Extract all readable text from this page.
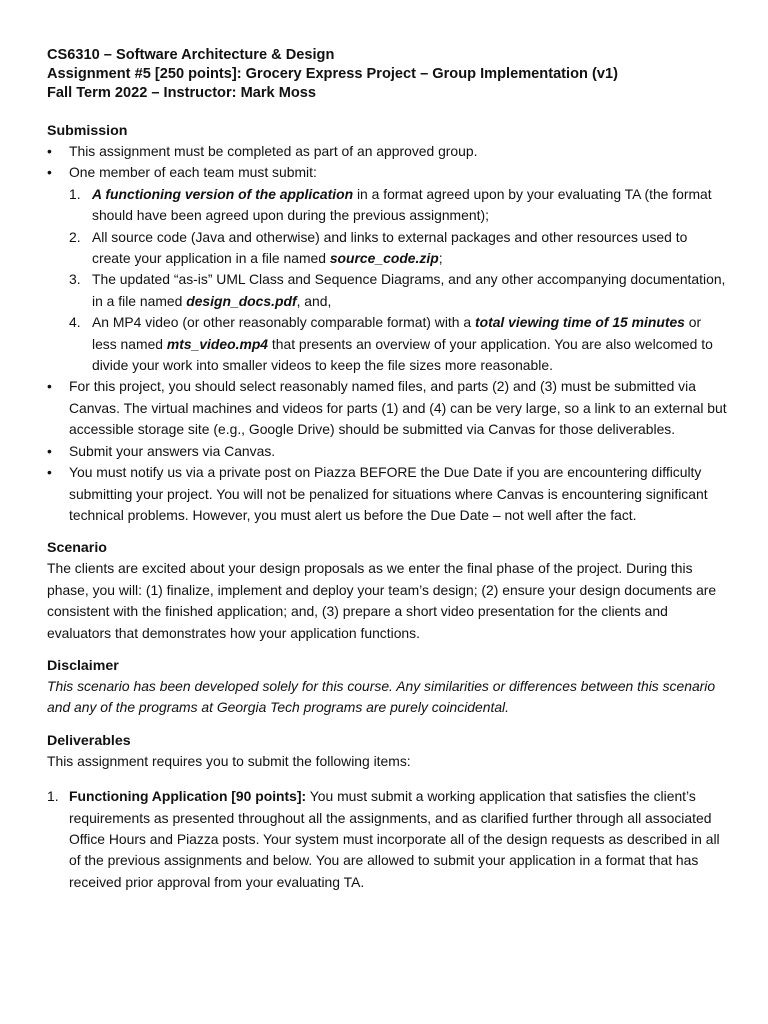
CS6310 – Software Architecture & Design
Assignment #5 [250 points]: Grocery Express Project – Group Implementation (v1)
Fall Term 2022 – Instructor: Mark Moss
Submission
• This assignment must be completed as part of an approved group.
• One member of each team must submit:
1. A functioning version of the application in a format agreed upon by your evaluating TA (the format should have been agreed upon during the previous assignment);
2. All source code (Java and otherwise) and links to external packages and other resources used to create your application in a file named source_code.zip;
3. The updated “as-is” UML Class and Sequence Diagrams, and any other accompanying documentation, in a file named design_docs.pdf, and,
4. An MP4 video (or other reasonably comparable format) with a total viewing time of 15 minutes or less named mts_video.mp4 that presents an overview of your application. You are also welcomed to divide your work into smaller videos to keep the file sizes more reasonable.
• For this project, you should select reasonably named files, and parts (2) and (3) must be submitted via Canvas. The virtual machines and videos for parts (1) and (4) can be very large, so a link to an external but accessible storage site (e.g., Google Drive) should be submitted via Canvas for those deliverables.
• Submit your answers via Canvas.
• You must notify us via a private post on Piazza BEFORE the Due Date if you are encountering difficulty submitting your project. You will not be penalized for situations where Canvas is encountering significant technical problems. However, you must alert us before the Due Date – not well after the fact.
Scenario
The clients are excited about your design proposals as we enter the final phase of the project. During this phase, you will: (1) finalize, implement and deploy your team’s design; (2) ensure your design documents are consistent with the finished application; and, (3) prepare a short video presentation for the clients and evaluators that demonstrates how your application functions.
Disclaimer
This scenario has been developed solely for this course. Any similarities or differences between this scenario and any of the programs at Georgia Tech programs are purely coincidental.
Deliverables
This assignment requires you to submit the following items:
1. Functioning Application [90 points]: You must submit a working application that satisfies the client’s requirements as presented throughout all the assignments, and as clarified further through all associated Office Hours and Piazza posts. Your system must incorporate all of the design requests as described in all of the previous assignments and below. You are allowed to submit your application in a format that has received prior approval from your evaluating TA.
